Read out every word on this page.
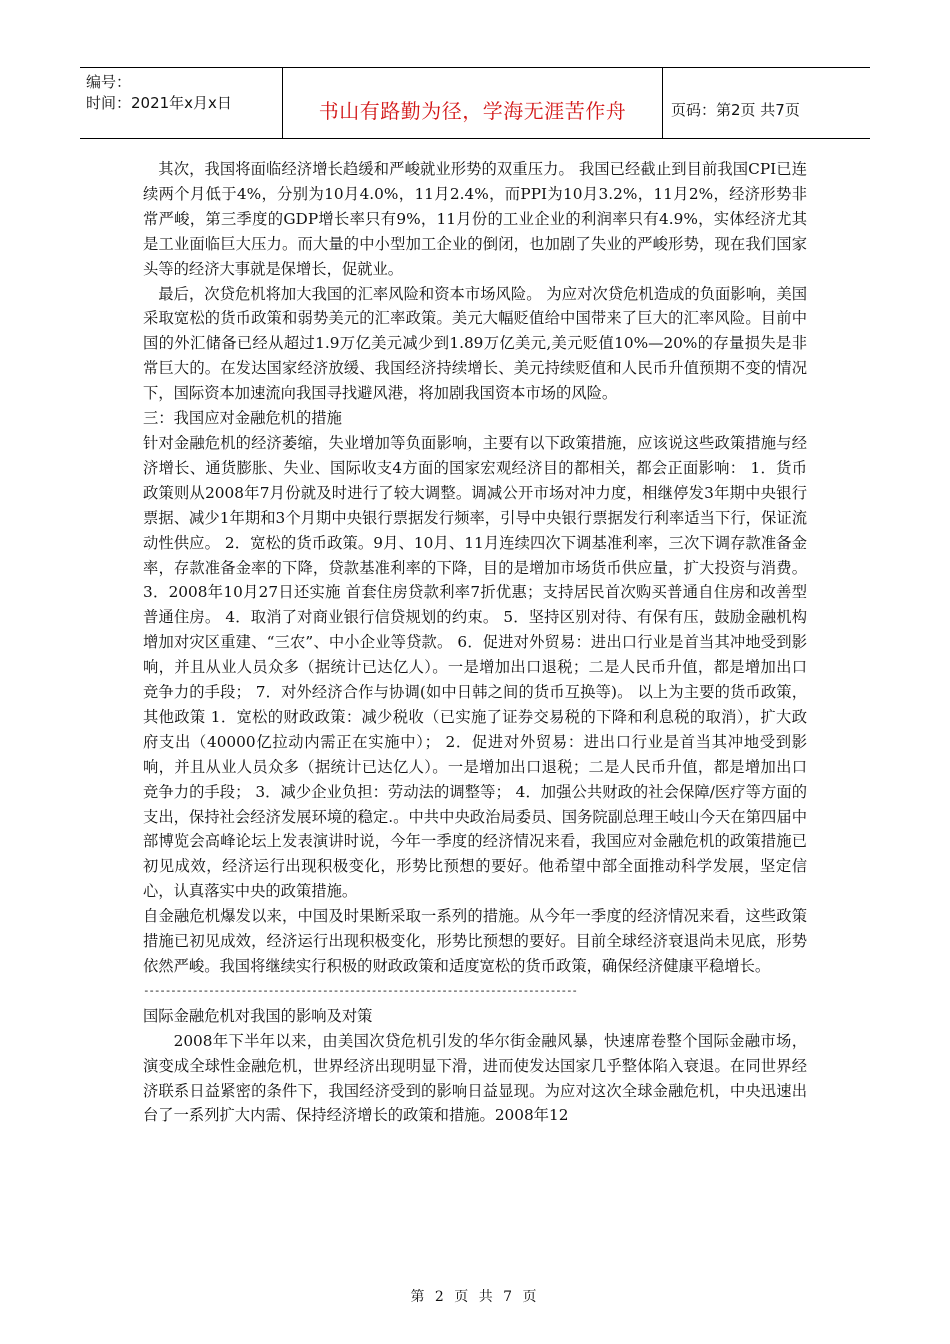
编号：
时间：2021年x月x日	书山有路勤为径，学海无涯苦作舟	页码：第2页 共7页

其次，我国将面临经济增长趋缓和严峻就业形势的双重压力。 我国已经截止到目前我国CPI已连续两个月低于4%，分别为10月4.0%，11月2.4%，而PPI为10月3.2%，11月2%，经济形势非常严峻，第三季度的GDP增长率只有9%，11月份的工业企业的利润率只有4.9%，实体经济尤其是工业面临巨大压力。而大量的中小型加工企业的倒闭，也加剧了失业的严峻形势，现在我们国家头等的经济大事就是保增长，促就业。

最后，次贷危机将加大我国的汇率风险和资本市场风险。 为应对次贷危机造成的负面影响，美国采取宽松的货币政策和弱势美元的汇率政策。美元大幅贬值给中国带来了巨大的汇率风险。目前中国的外汇储备已经从超过1.9万亿美元减少到1.89万亿美元,美元贬值10%—20%的存量损失是非常巨大的。在发达国家经济放缓、我国经济持续增长、美元持续贬值和人民币升值预期不变的情况下，国际资本加速流向我国寻找避风港，将加剧我国资本市场的风险。

三：我国应对金融危机的措施

针对金融危机的经济萎缩，失业增加等负面影响，主要有以下政策措施，应该说这些政策措施与经济增长、通货膨胀、失业、国际收支4方面的国家宏观经济目的都相关，都会正面影响： 1．货币政策则从2008年7月份就及时进行了较大调整。调减公开市场对冲力度，相继停发3年期中央银行票据、减少1年期和3个月期中央银行票据发行频率，引导中央银行票据发行利率适当下行，保证流动性供应。 2．宽松的货币政策。9月、10月、11月连续四次下调基准利率，三次下调存款准备金率，存款准备金率的下降，贷款基准利率的下降，目的是增加市场货币供应量，扩大投资与消费。 3．2008年10月27日还实施 首套住房贷款利率7折优惠；支持居民首次购买普通自住房和改善型普通住房。 4．取消了对商业银行信贷规划的约束。 5．坚持区别对待、有保有压，鼓励金融机构增加对灾区重建、“三农”、中小企业等贷款。 6．促进对外贸易：进出口行业是首当其冲地受到影响，并且从业人员众多（据统计已达亿人）。一是增加出口退税；二是人民币升值，都是增加出口竞争力的手段； 7．对外经济合作与协调(如中日韩之间的货币互换等)。 以上为主要的货币政策，其他政策 1．宽松的财政政策：减少税收（已实施了证券交易税的下降和利息税的取消），扩大政府支出（40000亿拉动内需正在实施中）； 2．促进对外贸易：进出口行业是首当其冲地受到影响，并且从业人员众多（据统计已达亿人）。一是增加出口退税；二是人民币升值，都是增加出口竞争力的手段； 3．减少企业负担：劳动法的调整等； 4．加强公共财政的社会保障/医疗等方面的支出，保持社会经济发展环境的稳定.。中共中央政治局委员、国务院副总理王岐山今天在第四届中部博览会高峰论坛上发表演讲时说，今年一季度的经济情况来看，我国应对金融危机的政策措施已初见成效，经济运行出现积极变化，形势比预想的要好。他希望中部全面推动科学发展，坚定信心，认真落实中央的政策措施。

自金融危机爆发以来，中国及时果断采取一系列的措施。从今年一季度的经济情况来看，这些政策措施已初见成效，经济运行出现积极变化，形势比预想的要好。目前全球经济衰退尚未见底，形势依然严峻。我国将继续实行积极的财政政策和适度宽松的货币政策，确保经济健康平稳增长。

--------------------------------------------------------------------------------

国际金融危机对我国的影响及对策

2008年下半年以来，由美国次贷危机引发的华尔街金融风暴，快速席卷整个国际金融市场，演变成全球性金融危机，世界经济出现明显下滑，进而使发达国家几乎整体陷入衰退。在同世界经济联系日益紧密的条件下，我国经济受到的影响日益显现。为应对这次全球金融危机，中央迅速出台了一系列扩大内需、保持经济增长的政策和措施。2008年12

第 2 页 共 7 页
